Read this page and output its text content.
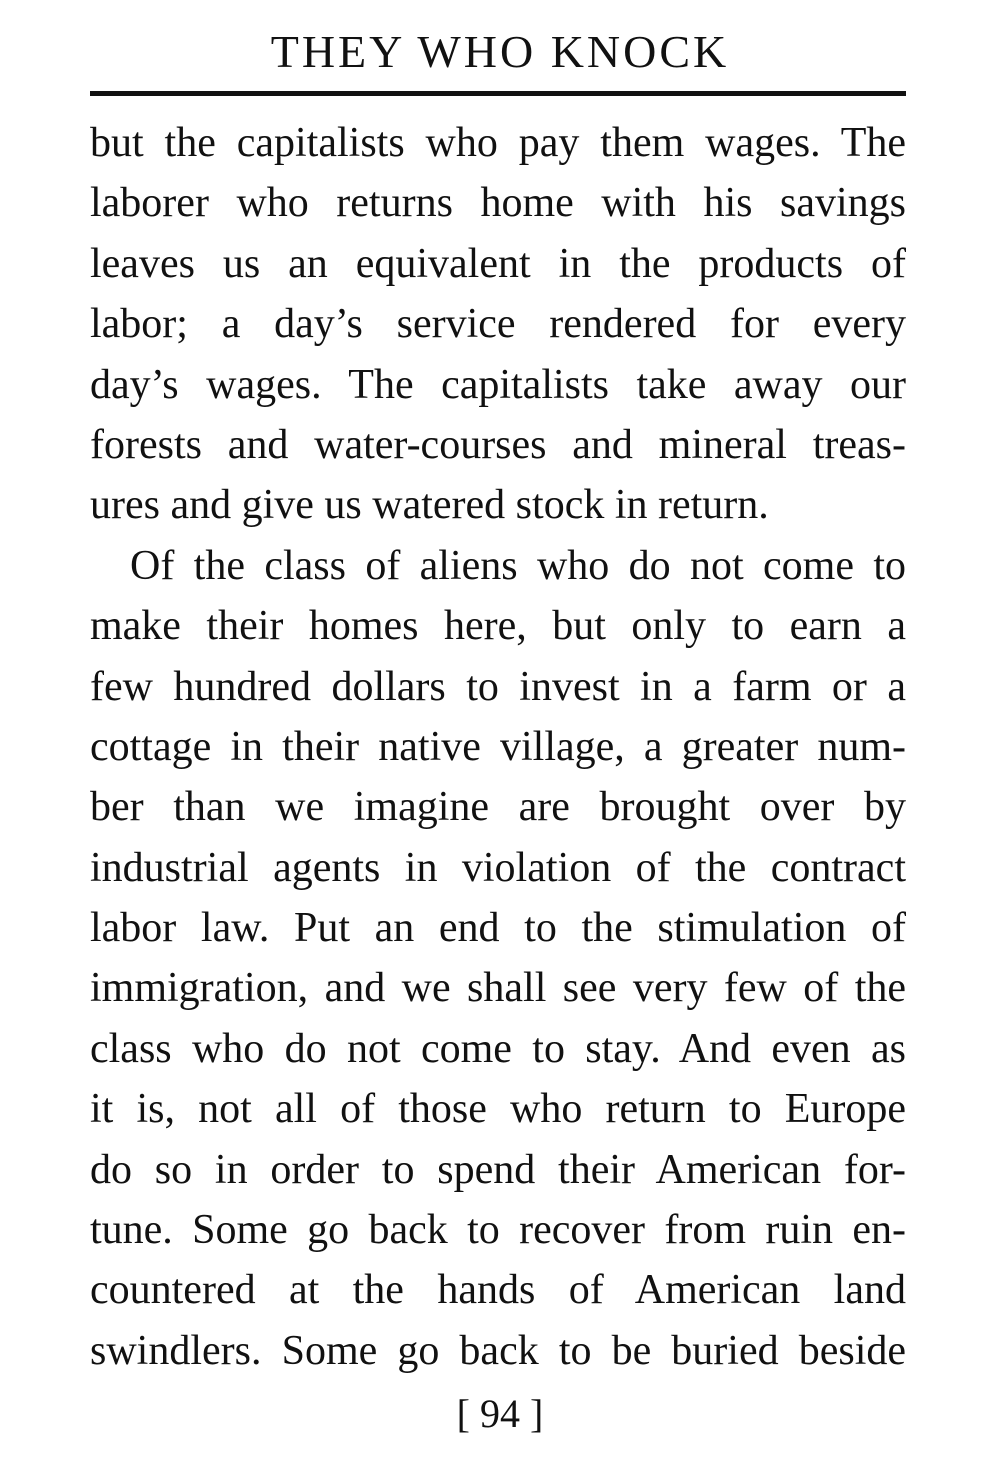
THEY WHO KNOCK
but the capitalists who pay them wages. The
laborer who returns home with his savings
leaves us an equivalent in the products of
labor; a day’s service rendered for every
day’s wages. The capitalists take away our
forests and water-courses and mineral treas-
ures and give us watered stock in return.
Of the class of aliens who do not come to
make their homes here, but only to earn a
few hundred dollars to invest in a farm or a
cottage in their native village, a greater num-
ber than we imagine are brought over by
industrial agents in violation of the contract
labor law. Put an end to the stimulation of
immigration, and we shall see very few of the
class who do not come to stay. And even as
it is, not all of those who return to Europe
do so in order to spend their American for-
tune. Some go back to recover from ruin en-
countered at the hands of American land
swindlers. Some go back to be buried beside
[ 94 ]
